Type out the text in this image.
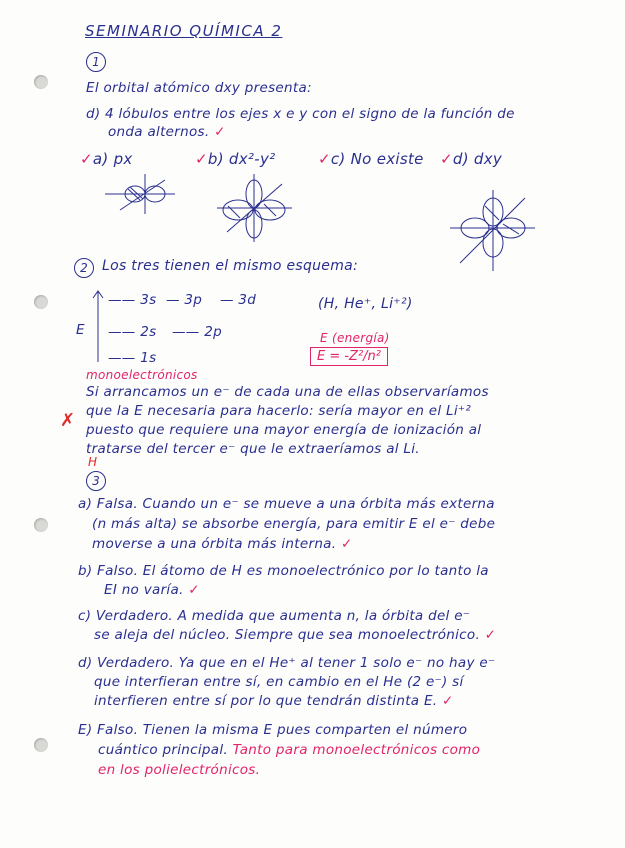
SEMINARIO QUÍMICA 2
1
El orbital atómico dxy presenta:
d) 4 lóbulos entre los ejes x e y con el signo de la función de
onda alternos. ✓
✓a) px	✓b) dx²-y²	✓c) No existe ✓d) dxy
2	Los tres tienen el mismo esquema:
E
—— 3s — 3p — 3d
—— 2s —— 2p
—— 1s
(H, He⁺, Li⁺²)
E (energía)
E = -Z²/n²
monoelectrónicos
Si arrancamos un e⁻ de cada una de ellas observaríamos
que la E necesaria para hacerlo: sería mayor en el Li⁺²
puesto que requiere una mayor energía de ionización al
tratarse del tercer e⁻ que le extraeríamos al Li.
✗
H
3
a) Falsa. Cuando un e⁻ se mueve a una órbita más externa
(n más alta) se absorbe energía, para emitir E el e⁻ debe
moverse a una órbita más interna. ✓
b) Falso. El átomo de H es monoelectrónico por lo tanto la
EI no varía. ✓
c) Verdadero. A medida que aumenta n, la órbita del e⁻
se aleja del núcleo. Siempre que sea monoelectrónico. ✓
d) Verdadero. Ya que en el He⁺ al tener 1 solo e⁻ no hay e⁻
que interfieran entre sí, en cambio en el He (2 e⁻) sí
interfieren entre sí por lo que tendrán distinta E. ✓
E) Falso. Tienen la misma E pues comparten el número
cuántico principal. Tanto para monoelectrónicos como
en los polielectrónicos.
